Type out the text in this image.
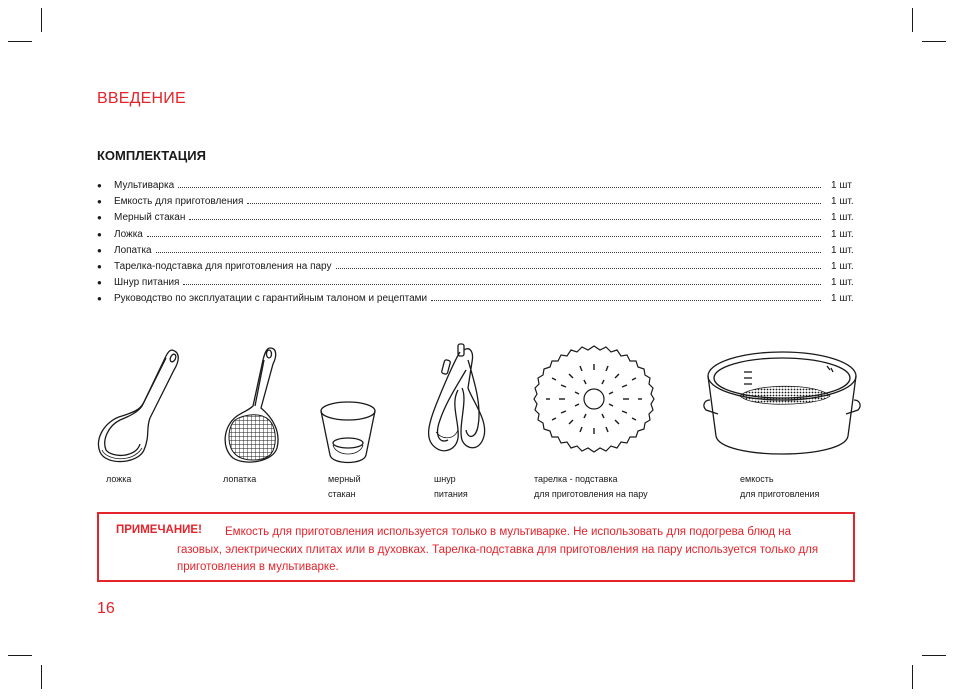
ВВЕДЕНИЕ
КОМПЛЕКТАЦИЯ
●	Мультиварка	1 шт
●	Емкость для приготовления	1 шт.
●	Мерный стакан	1 шт.
●	Ложка	1 шт.
●	Лопатка	1 шт.
●	Тарелка-подставка для приготовления на пару	1 шт.
●	Шнур питания	1 шт.
●	Руководство по эксплуатации с гарантийным талоном и рецептами	1 шт.

ложка	лопатка	мерный
стакан

шнур
питания

тарелка - подставка
для приготовления на пару

емкость
для приготовления

ПРИМЕЧАНИЕ!	Емкость для приготовления используется только в мультиварке. Не использовать для подогрева блюд на газовых, электрических плитах или в духовках. Тарелка-подставка для приготовления на пару используется только для приготовления в мультиварке.

16
